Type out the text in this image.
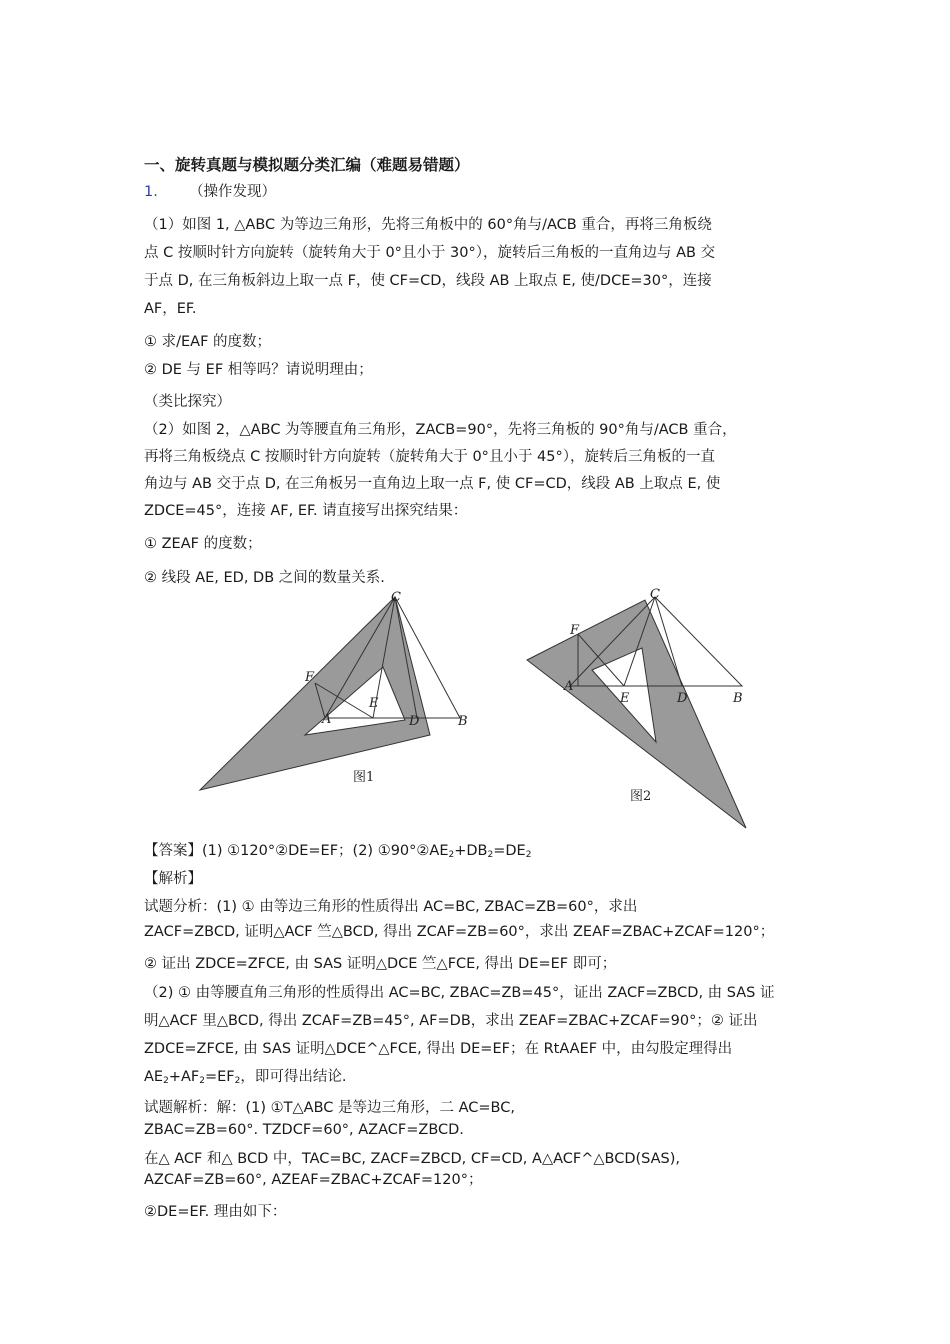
一、旋转真题与模拟题分类汇编（难题易错题）
1. （操作发现）
（1）如图 1, △ABC 为等边三角形，先将三角板中的 60°角与/ACB 重合，再将三角板绕
点 C 按顺时针方向旋转（旋转角大于 0°且小于 30°），旋转后三角板的一直角边与 AB 交
于点 D, 在三角板斜边上取一点 F，使 CF=CD，线段 AB 上取点 E, 使/DCE=30°，连接
AF，EF.
① 求/EAF 的度数；
② DE 与 EF 相等吗？请说明理由；
（类比探究）
（2）如图 2，△ABC 为等腰直角三角形，ZACB=90°，先将三角板的 90°角与/ACB 重合，
再将三角板绕点 C 按顺时针方向旋转（旋转角大于 0°且小于 45°），旋转后三角板的一直
角边与 AB 交于点 D, 在三角板另一直角边上取一点 F, 使 CF=CD，线段 AB 上取点 E, 使
ZDCE=45°，连接 AF, EF. 请直接写出探究结果：
① ZEAF 的度数；
② 线段 AE, ED, DB 之间的数量关系.
C
F
A
E
D	B
图1
C
F
A
E	D	B
图2
【答案】(1) ①120°②DE=EF；(2) $①90^\circ ②AE_2+DB_2=DE_2$
【解析】
试题分析：(1) ① 由等边三角形的性质得出 AC=BC, ZBAC=ZB=60°，求出
ZACF=ZBCD, 证明△ACF 竺△BCD, 得出 ZCAF=ZB=60°，求出 ZEAF=ZBAC+ZCAF=120°；
② 证出 ZDCE=ZFCE, 由 SAS 证明△DCE 竺△FCE, 得出 DE=EF 即可；
（2) ① 由等腰直角三角形的性质得出 AC=BC, ZBAC=ZB=45°，证出 ZACF=ZBCD, 由 SAS 证
明△ACF 里△BCD, 得出 ZCAF=ZB=45°, AF=DB，求出 ZEAF=ZBAC+ZCAF=90°；② 证出
ZDCE=ZFCE, 由 SAS 证明△DCE^△FCE, 得出 DE=EF；在 RtAAEF 中，由勾股定理得出
$AE_2+AF_2=EF_2$，即可得出结论.
试题解析：解：(1) ①T△ABC 是等边三角形，二 AC=BC,
ZBAC=ZB=60°. TZDCF=60°, AZACF=ZBCD.
在△ ACF 和△ BCD 中，TAC=BC, ZACF=ZBCD, CF=CD, A△ACF^△BCD(SAS),
AZCAF=ZB=60°, AZEAF=ZBAC+ZCAF=120°；
②DE=EF. 理由如下：
